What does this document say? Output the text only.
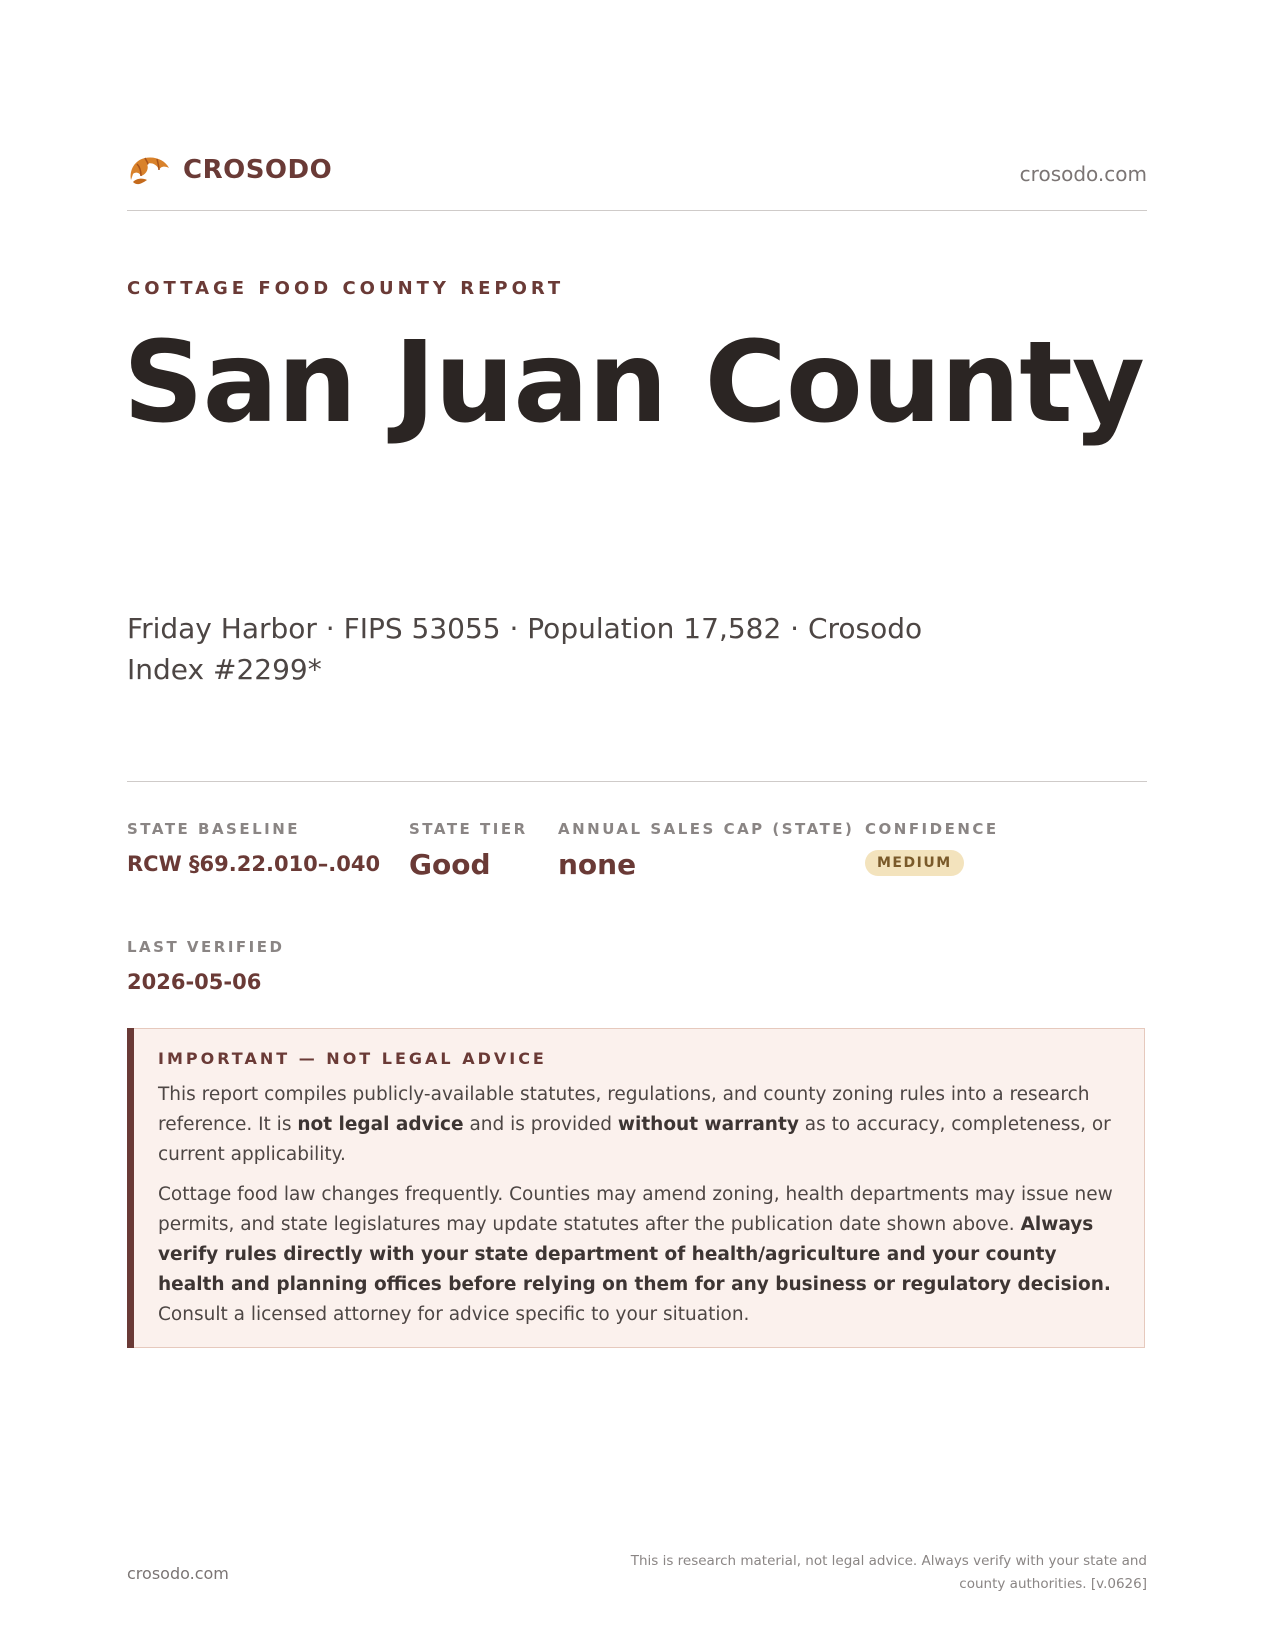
CROSODO	crosodo.com
COTTAGE FOOD COUNTY REPORT
San Juan County
Friday Harbor · FIPS 53055 · Population 17,582 · Crosodo Index #2299*
STATE BASELINE
RCW §69.22.010–.040
STATE TIER
Good
ANNUAL SALES CAP (STATE)
none
CONFIDENCE
MEDIUM
LAST VERIFIED
2026-05-06
IMPORTANT — NOT LEGAL ADVICE

This report compiles publicly-available statutes, regulations, and county zoning rules into a research reference. It is not legal advice and is provided without warranty as to accuracy, completeness, or current applicability.

Cottage food law changes frequently. Counties may amend zoning, health departments may issue new permits, and state legislatures may update statutes after the publication date shown above. Always verify rules directly with your state department of health/agriculture and your county health and planning offices before relying on them for any business or regulatory decision. Consult a licensed attorney for advice specific to your situation.

crosodo.com
This is research material, not legal advice. Always verify with your state and county authorities. [v.0626]
